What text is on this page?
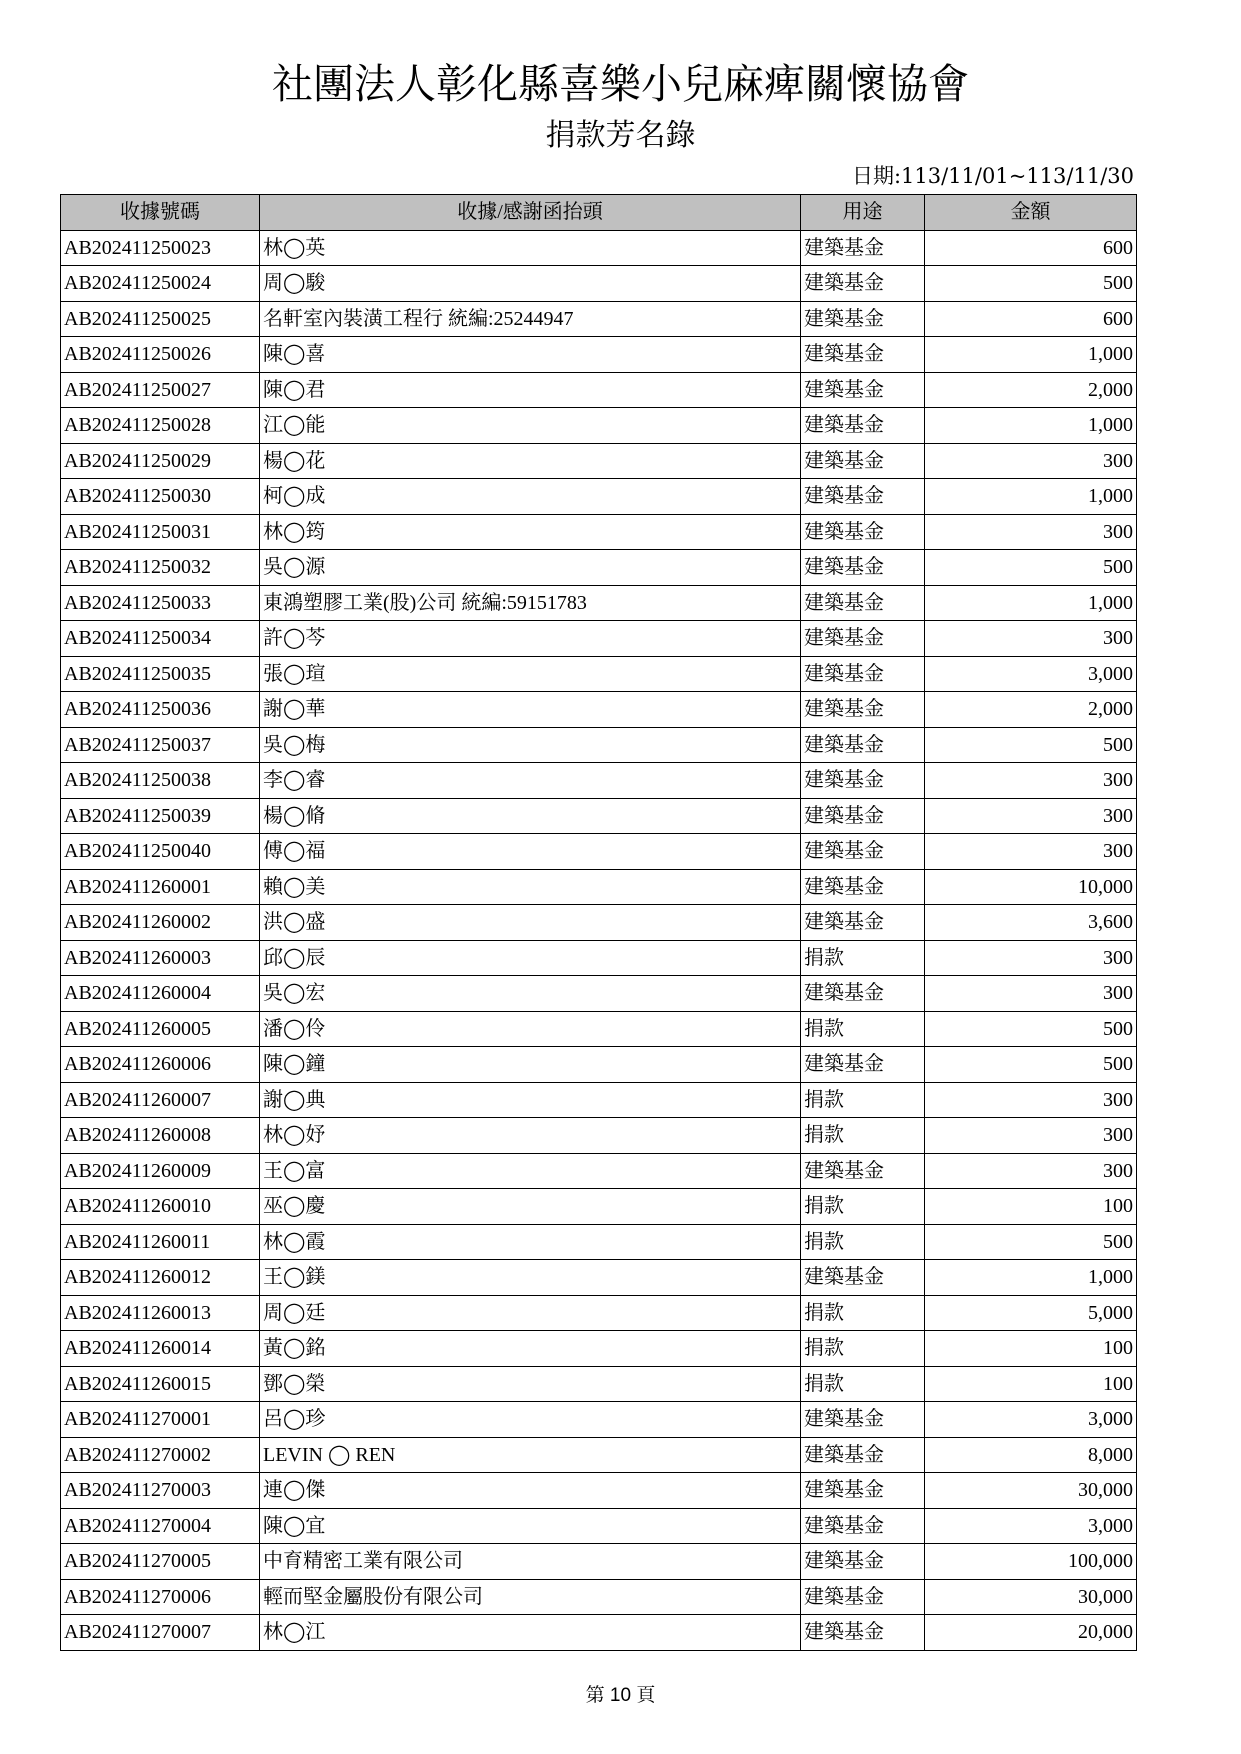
社團法人彰化縣喜樂小兒麻痺關懷協會
捐款芳名錄
日期:113/11/01~113/11/30
收據號碼	收據/感謝函抬頭	用途	金額
AB202411250023	林◯英	建築基金	600
AB202411250024	周◯駿	建築基金	500
AB202411250025	名軒室內裝潢工程行 統編:25244947	建築基金	600
AB202411250026	陳◯喜	建築基金	1,000
AB202411250027	陳◯君	建築基金	2,000
AB202411250028	江◯能	建築基金	1,000
AB202411250029	楊◯花	建築基金	300
AB202411250030	柯◯成	建築基金	1,000
AB202411250031	林◯筠	建築基金	300
AB202411250032	吳◯源	建築基金	500
AB202411250033	東鴻塑膠工業(股)公司 統編:59151783	建築基金	1,000
AB202411250034	許◯芩	建築基金	300
AB202411250035	張◯瑄	建築基金	3,000
AB202411250036	謝◯華	建築基金	2,000
AB202411250037	吳◯梅	建築基金	500
AB202411250038	李◯睿	建築基金	300
AB202411250039	楊◯脩	建築基金	300
AB202411250040	傅◯福	建築基金	300
AB202411260001	賴◯美	建築基金	10,000
AB202411260002	洪◯盛	建築基金	3,600
AB202411260003	邱◯辰	捐款	300
AB202411260004	吳◯宏	建築基金	300
AB202411260005	潘◯伶	捐款	500
AB202411260006	陳◯鐘	建築基金	500
AB202411260007	謝◯典	捐款	300
AB202411260008	林◯妤	捐款	300
AB202411260009	王◯富	建築基金	300
AB202411260010	巫◯慶	捐款	100
AB202411260011	林◯霞	捐款	500
AB202411260012	王◯鎂	建築基金	1,000
AB202411260013	周◯廷	捐款	5,000
AB202411260014	黃◯銘	捐款	100
AB202411260015	鄧◯榮	捐款	100
AB202411270001	呂◯珍	建築基金	3,000
AB202411270002	LEVIN ◯ REN	建築基金	8,000
AB202411270003	連◯傑	建築基金	30,000
AB202411270004	陳◯宜	建築基金	3,000
AB202411270005	中育精密工業有限公司	建築基金	100,000
AB202411270006	輕而堅金屬股份有限公司	建築基金	30,000
AB202411270007	林◯江	建築基金	20,000
第 10 頁
